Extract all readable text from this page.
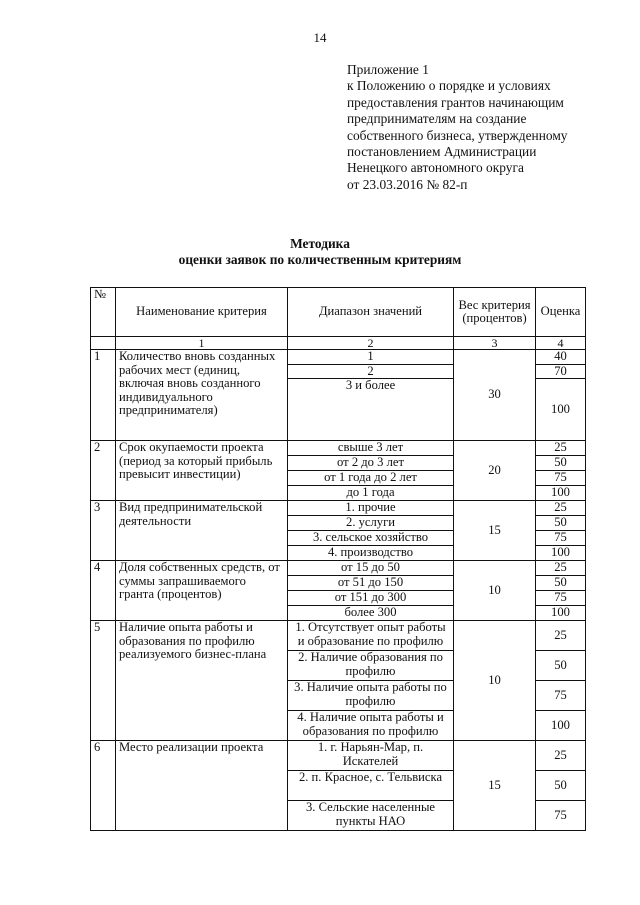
14
Приложение 1
к Положению о порядке и условиях
предоставления грантов начинающим
предпринимателям на создание
собственного бизнеса, утвержденному
постановлением Администрации
Ненецкого автономного округа
от 23.03.2016 № 82-п
Методика
оценки заявок по количественным критериям
№	Наименование критерия	Диапазон значений	Вес критерия (процентов)	Оценка
	1	2	3	4
1	Количество вновь созданных рабочих мест (единиц, включая вновь созданного индивидуального предпринимателя)	1	30	40
		2		70
		3 и более		100
2	Срок окупаемости проекта (период за который прибыль превысит инвестиции)	свыше 3 лет	20	25
		от 2 до 3 лет		50
		от 1 года до 2 лет		75
		до 1 года		100
3	Вид предпринимательской деятельности	1. прочие	15	25
		2. услуги		50
		3. сельское хозяйство		75
		4. производство		100
4	Доля собственных средств, от суммы запрашиваемого гранта (процентов)	от 15 до 50	10	25
		от 51 до 150		50
		от 151 до 300		75
		более 300		100
5	Наличие опыта работы и образования по профилю реализуемого бизнес-плана	1. Отсутствует опыт работы и образование по профилю	10	25
		2. Наличие образования по профилю		50
		3. Наличие опыта работы по профилю		75
		4. Наличие опыта работы и образования по профилю		100
6	Место реализации проекта	1. г. Нарьян-Мар, п. Искателей	15	25
		2. п. Красное, с. Тельвиска		50
		3. Сельские населенные пункты НАО		75
